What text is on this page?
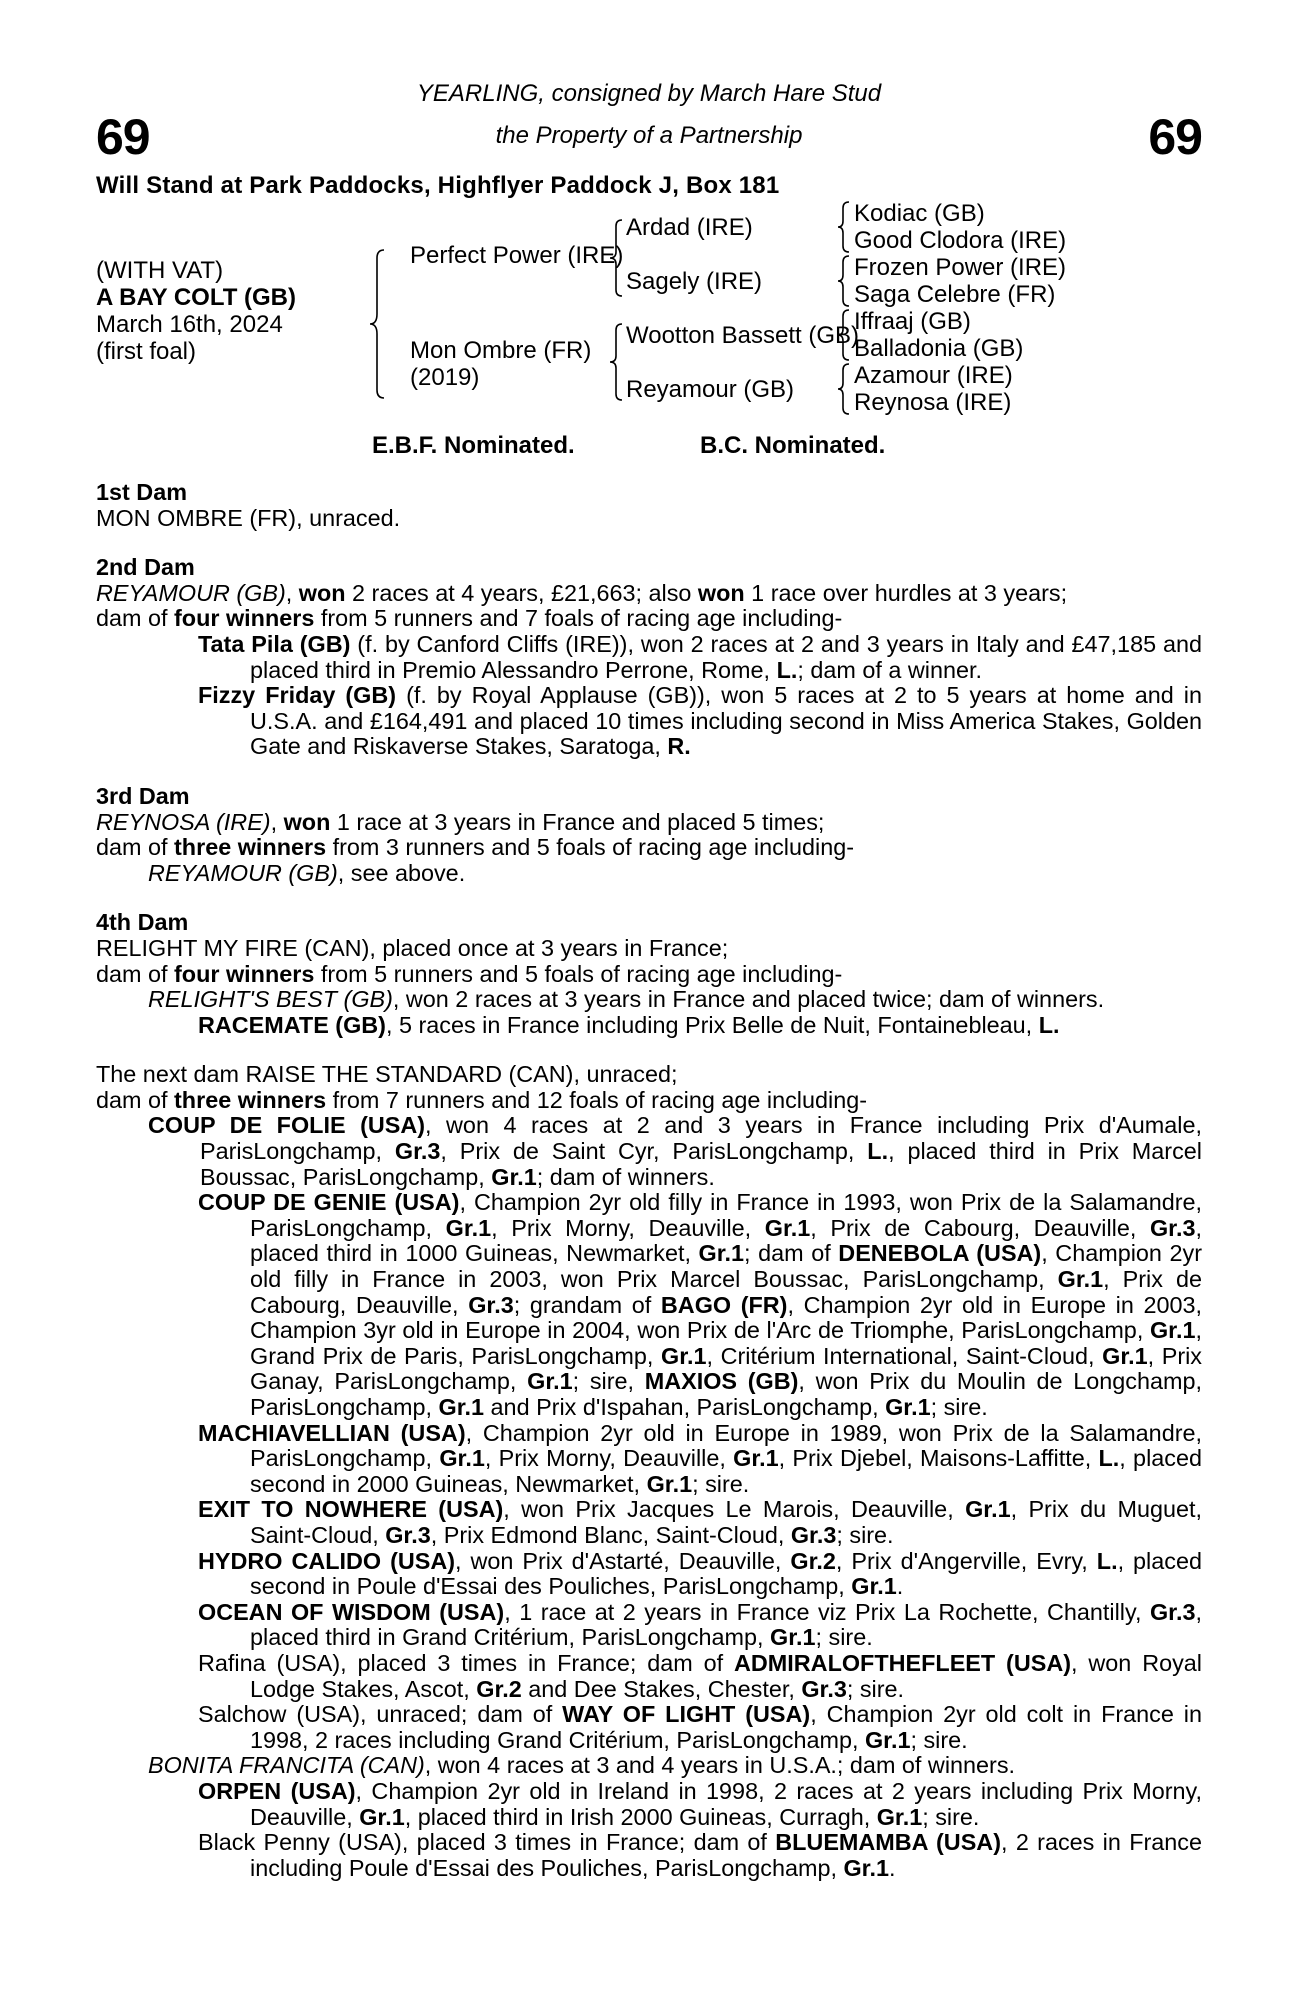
69	69
YEARLING, consigned by March Hare Stud
the Property of a Partnership
Will Stand at Park Paddocks, Highflyer Paddock J, Box 181
(WITH VAT)
A BAY COLT (GB)
March 16th, 2024
(first foal)
Perfect Power (IRE)
Mon Ombre (FR)
(2019)
Ardad (IRE)
Sagely (IRE)
Wootton Bassett (GB)
Reyamour (GB)
Kodiac (GB)
Good Clodora (IRE)
Frozen Power (IRE)
Saga Celebre (FR)
Iffraaj (GB)
Balladonia (GB)
Azamour (IRE)
Reynosa (IRE)
E.B.F. Nominated.	B.C. Nominated.
1st Dam
MON OMBRE (FR), unraced.
2nd Dam
REYAMOUR (GB), won 2 races at 4 years, £21,663; also won 1 race over hurdles at 3 years;
dam of four winners from 5 runners and 7 foals of racing age including-
Tata Pila (GB) (f. by Canford Cliffs (IRE)), won 2 races at 2 and 3 years in Italy and £47,185 and placed third in Premio Alessandro Perrone, Rome, L.; dam of a winner.
Fizzy Friday (GB) (f. by Royal Applause (GB)), won 5 races at 2 to 5 years at home and in U.S.A. and £164,491 and placed 10 times including second in Miss America Stakes, Golden Gate and Riskaverse Stakes, Saratoga, R.
3rd Dam
REYNOSA (IRE), won 1 race at 3 years in France and placed 5 times;
dam of three winners from 3 runners and 5 foals of racing age including-
REYAMOUR (GB), see above.
4th Dam
RELIGHT MY FIRE (CAN), placed once at 3 years in France;
dam of four winners from 5 runners and 5 foals of racing age including-
RELIGHT'S BEST (GB), won 2 races at 3 years in France and placed twice; dam of winners.
RACEMATE (GB), 5 races in France including Prix Belle de Nuit, Fontainebleau, L.
The next dam RAISE THE STANDARD (CAN), unraced;
dam of three winners from 7 runners and 12 foals of racing age including-
COUP DE FOLIE (USA), won 4 races at 2 and 3 years in France including Prix d'Aumale, ParisLongchamp, Gr.3, Prix de Saint Cyr, ParisLongchamp, L., placed third in Prix Marcel Boussac, ParisLongchamp, Gr.1; dam of winners.
COUP DE GENIE (USA), Champion 2yr old filly in France in 1993, won Prix de la Salamandre, ParisLongchamp, Gr.1, Prix Morny, Deauville, Gr.1, Prix de Cabourg, Deauville, Gr.3, placed third in 1000 Guineas, Newmarket, Gr.1; dam of DENEBOLA (USA), Champion 2yr old filly in France in 2003, won Prix Marcel Boussac, ParisLongchamp, Gr.1, Prix de Cabourg, Deauville, Gr.3; grandam of BAGO (FR), Champion 2yr old in Europe in 2003, Champion 3yr old in Europe in 2004, won Prix de l'Arc de Triomphe, ParisLongchamp, Gr.1, Grand Prix de Paris, ParisLongchamp, Gr.1, Critérium International, Saint-Cloud, Gr.1, Prix Ganay, ParisLongchamp, Gr.1; sire, MAXIOS (GB), won Prix du Moulin de Longchamp, ParisLongchamp, Gr.1 and Prix d'Ispahan, ParisLongchamp, Gr.1; sire.
MACHIAVELLIAN (USA), Champion 2yr old in Europe in 1989, won Prix de la Salamandre, ParisLongchamp, Gr.1, Prix Morny, Deauville, Gr.1, Prix Djebel, Maisons-Laffitte, L., placed second in 2000 Guineas, Newmarket, Gr.1; sire.
EXIT TO NOWHERE (USA), won Prix Jacques Le Marois, Deauville, Gr.1, Prix du Muguet, Saint-Cloud, Gr.3, Prix Edmond Blanc, Saint-Cloud, Gr.3; sire.
HYDRO CALIDO (USA), won Prix d'Astarté, Deauville, Gr.2, Prix d'Angerville, Evry, L., placed second in Poule d'Essai des Pouliches, ParisLongchamp, Gr.1.
OCEAN OF WISDOM (USA), 1 race at 2 years in France viz Prix La Rochette, Chantilly, Gr.3, placed third in Grand Critérium, ParisLongchamp, Gr.1; sire.
Rafina (USA), placed 3 times in France; dam of ADMIRALOFTHEFLEET (USA), won Royal Lodge Stakes, Ascot, Gr.2 and Dee Stakes, Chester, Gr.3; sire.
Salchow (USA), unraced; dam of WAY OF LIGHT (USA), Champion 2yr old colt in France in 1998, 2 races including Grand Critérium, ParisLongchamp, Gr.1; sire.
BONITA FRANCITA (CAN), won 4 races at 3 and 4 years in U.S.A.; dam of winners.
ORPEN (USA), Champion 2yr old in Ireland in 1998, 2 races at 2 years including Prix Morny, Deauville, Gr.1, placed third in Irish 2000 Guineas, Curragh, Gr.1; sire.
Black Penny (USA), placed 3 times in France; dam of BLUEMAMBA (USA), 2 races in France including Poule d'Essai des Pouliches, ParisLongchamp, Gr.1.
